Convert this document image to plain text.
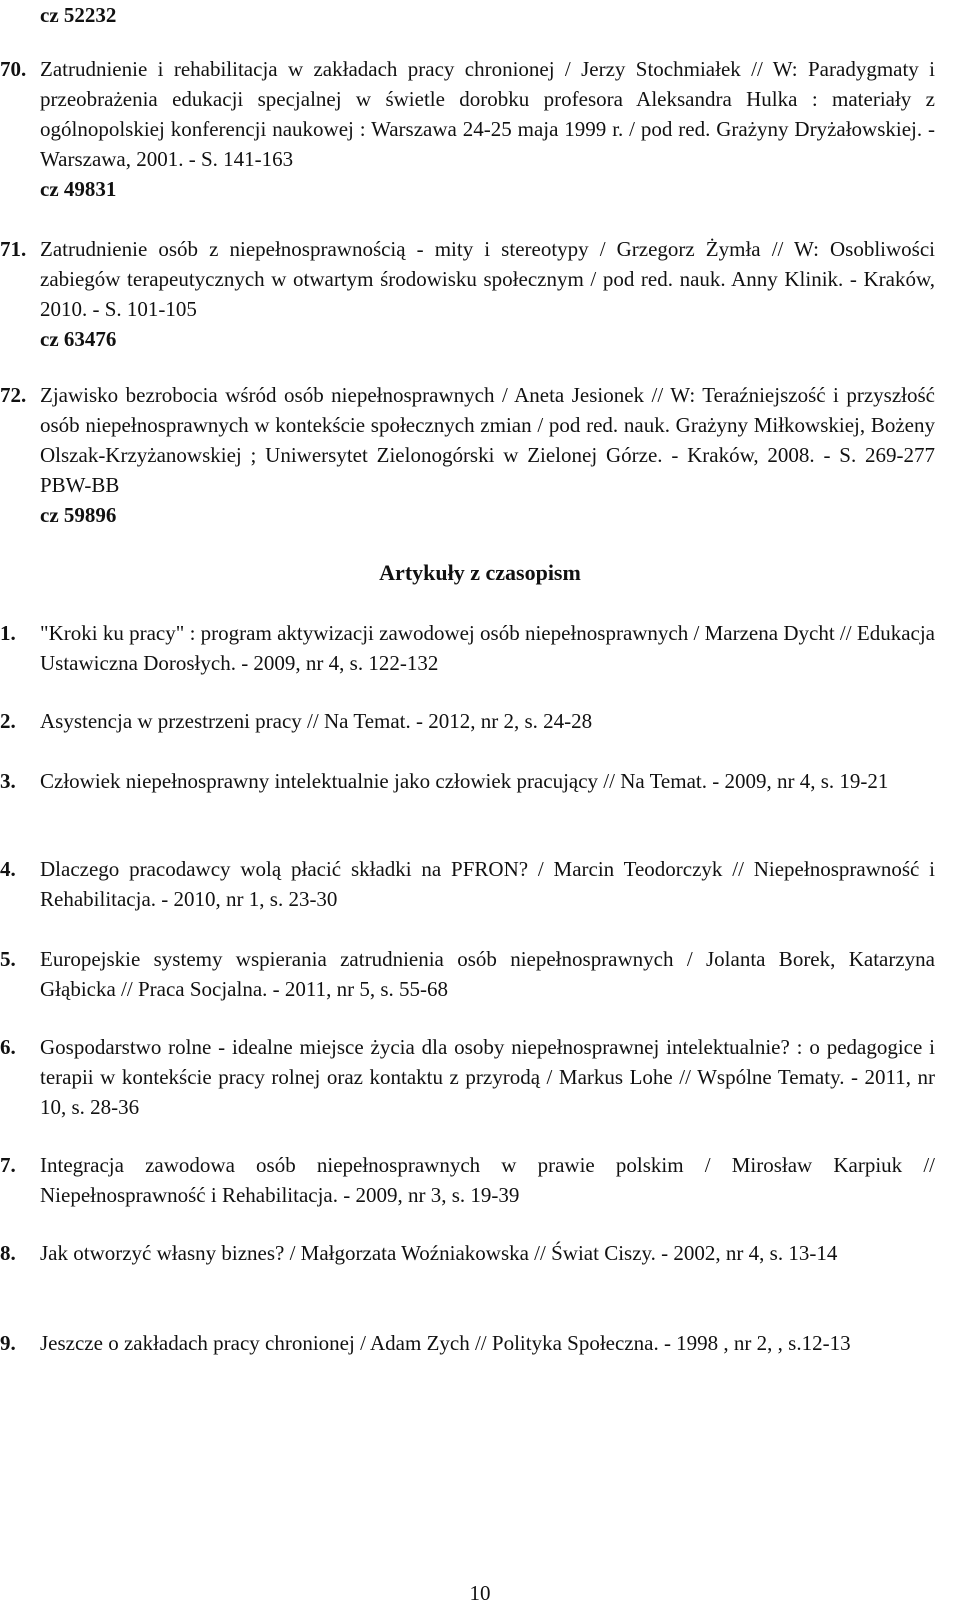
cz 52232
70. Zatrudnienie i rehabilitacja w zakładach pracy chronionej / Jerzy Stochmiałek // W: Paradygmaty i przeobrażenia edukacji specjalnej w świetle dorobku profesora Aleksandra Hulka : materiały z ogólnopolskiej konferencji naukowej : Warszawa 24-25 maja 1999 r. / pod red. Grażyny Dryżałowskiej. - Warszawa, 2001. - S. 141-163
cz 49831
71. Zatrudnienie osób z niepełnosprawnością - mity i stereotypy / Grzegorz Żymła // W: Osobliwości zabiegów terapeutycznych w otwartym środowisku społecznym / pod red. nauk. Anny Klinik. - Kraków, 2010. - S. 101-105
cz 63476
72. Zjawisko bezrobocia wśród osób niepełnosprawnych / Aneta Jesionek // W: Teraźniejszość i przyszłość osób niepełnosprawnych w kontekście społecznych zmian / pod red. nauk. Grażyny Miłkowskiej, Bożeny Olszak-Krzyżanowskiej ; Uniwersytet Zielonogórski w Zielonej Górze. - Kraków, 2008. - S. 269-277 PBW-BB
cz 59896
Artykuły z czasopism
1.	"Kroki ku pracy" : program aktywizacji zawodowej osób niepełnosprawnych / Marzena Dycht // Edukacja Ustawiczna Dorosłych. - 2009, nr 4, s. 122-132
2.	Asystencja w przestrzeni pracy // Na Temat. - 2012, nr 2, s. 24-28
3.	Człowiek niepełnosprawny intelektualnie jako człowiek pracujący // Na Temat. - 2009, nr 4, s. 19-21
4.	Dlaczego pracodawcy wolą płacić składki na PFRON? / Marcin Teodorczyk // Niepełnosprawność i Rehabilitacja. - 2010, nr 1, s. 23-30
5.	Europejskie systemy wspierania zatrudnienia osób niepełnosprawnych / Jolanta Borek, Katarzyna Głąbicka // Praca Socjalna. - 2011, nr 5, s. 55-68
6.	Gospodarstwo rolne - idealne miejsce życia dla osoby niepełnosprawnej intelektualnie? : o pedagogice i terapii w kontekście pracy rolnej oraz kontaktu z przyrodą / Markus Lohe // Wspólne Tematy. - 2011, nr 10, s. 28-36
7.	Integracja zawodowa osób niepełnosprawnych w prawie polskim / Mirosław Karpiuk // Niepełnosprawność i Rehabilitacja. - 2009, nr 3, s. 19-39
8.	Jak otworzyć własny biznes? / Małgorzata Woźniakowska // Świat Ciszy. - 2002, nr 4, s. 13-14
9.	Jeszcze o zakładach pracy chronionej / Adam Zych // Polityka Społeczna. - 1998 , nr 2, , s.12-13
10
